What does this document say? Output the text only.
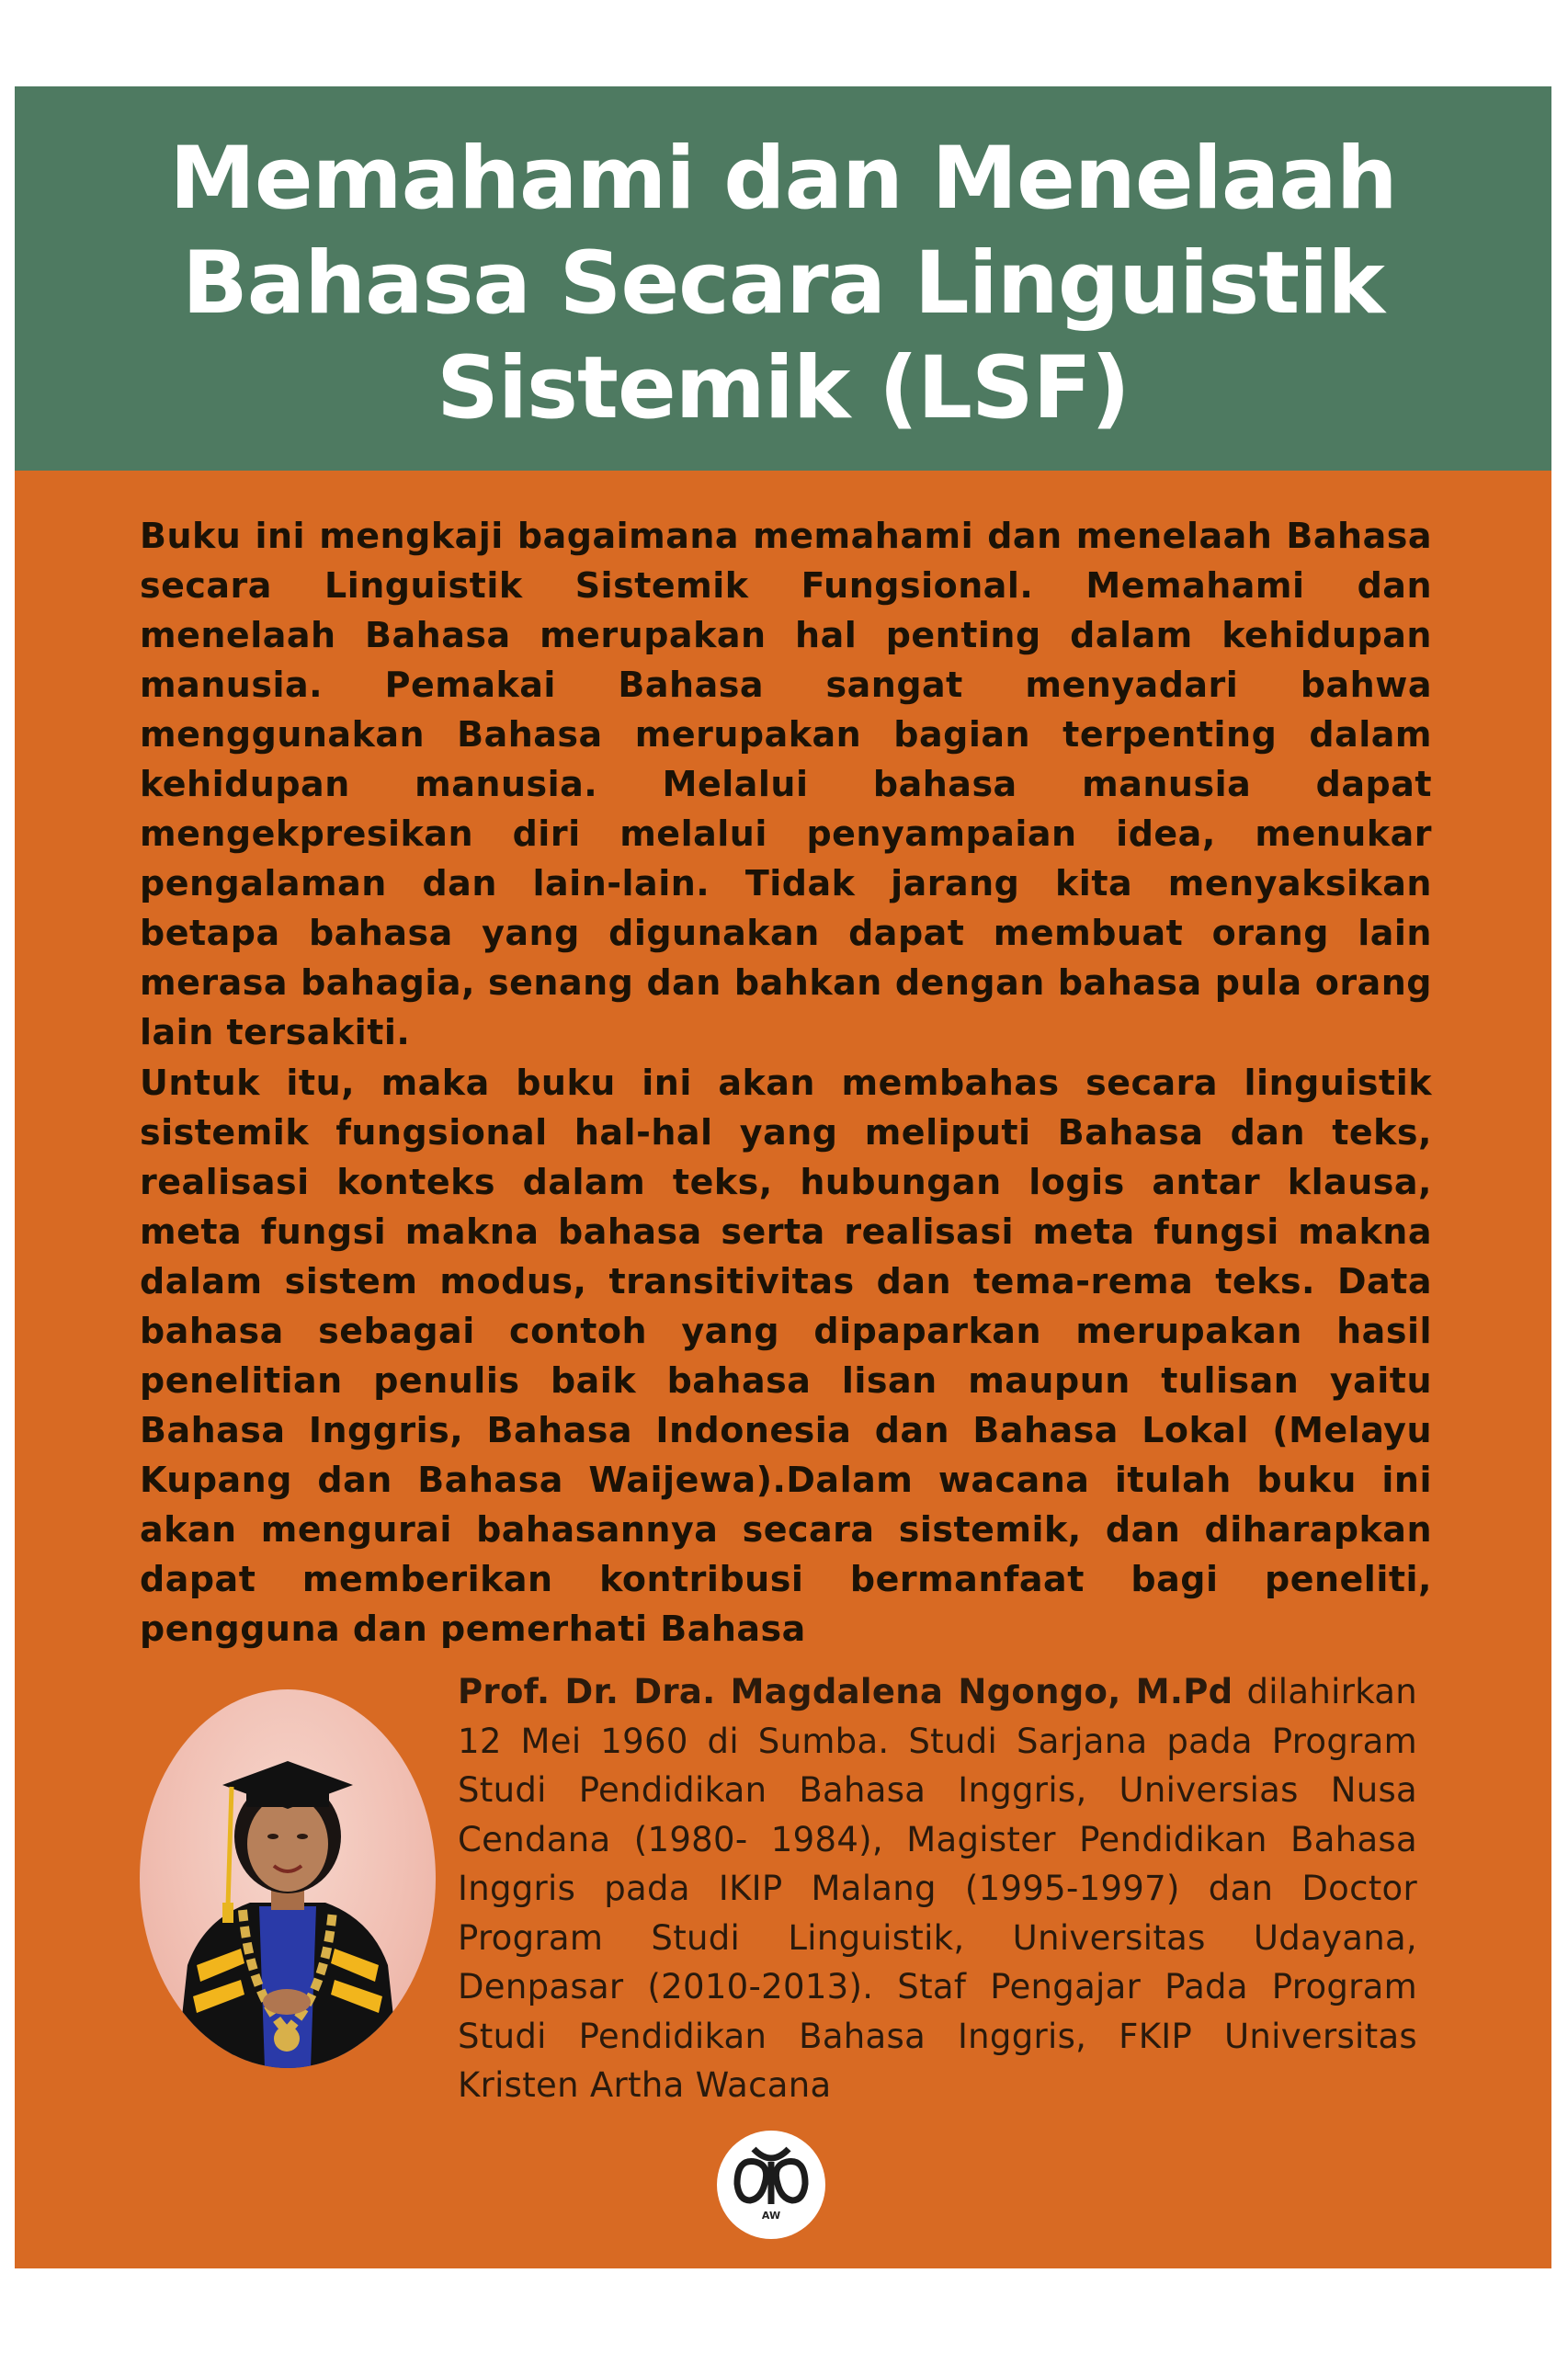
Memahami dan Menelaah
Bahasa Secara Linguistik
Sistemik (LSF)

Buku ini mengkaji bagaimana memahami dan menelaah Bahasa secara Linguistik Sistemik Fungsional. Memahami dan menelaah Bahasa merupakan hal penting dalam kehidupan manusia. Pemakai Bahasa sangat menyadari bahwa menggunakan Bahasa merupakan bagian terpenting dalam kehidupan manusia. Melalui bahasa manusia dapat mengekpresikan diri melalui penyampaian idea, menukar pengalaman dan lain-lain. Tidak jarang kita menyaksikan betapa bahasa yang digunakan dapat membuat orang lain merasa bahagia, senang dan bahkan dengan bahasa pula orang lain tersakiti.

Untuk itu, maka buku ini akan membahas secara linguistik sistemik fungsional hal-hal yang meliputi Bahasa dan teks, realisasi konteks dalam teks, hubungan logis antar klausa, meta fungsi makna bahasa serta realisasi meta fungsi makna dalam sistem modus, transitivitas dan tema-rema teks. Data bahasa sebagai contoh yang dipaparkan merupakan hasil penelitian penulis baik bahasa lisan maupun tulisan yaitu Bahasa Inggris, Bahasa Indonesia dan Bahasa Lokal (Melayu Kupang dan Bahasa Waijewa).Dalam wacana itulah buku ini akan mengurai bahasannya secara sistemik, dan diharapkan dapat memberikan kontribusi bermanfaat bagi peneliti, pengguna dan pemerhati Bahasa

Prof. Dr. Dra. Magdalena Ngongo, M.Pd dilahirkan 12 Mei 1960 di Sumba. Studi Sarjana pada Program Studi Pendidikan Bahasa Inggris, Universias Nusa Cendana (1980- 1984), Magister Pendidikan Bahasa Inggris pada IKIP Malang (1995-1997) dan Doctor Program Studi Linguistik, Universitas Udayana, Denpasar (2010-2013). Staf Pengajar Pada Program Studi Pendidikan Bahasa Inggris, FKIP Universitas Kristen Artha Wacana

AW
